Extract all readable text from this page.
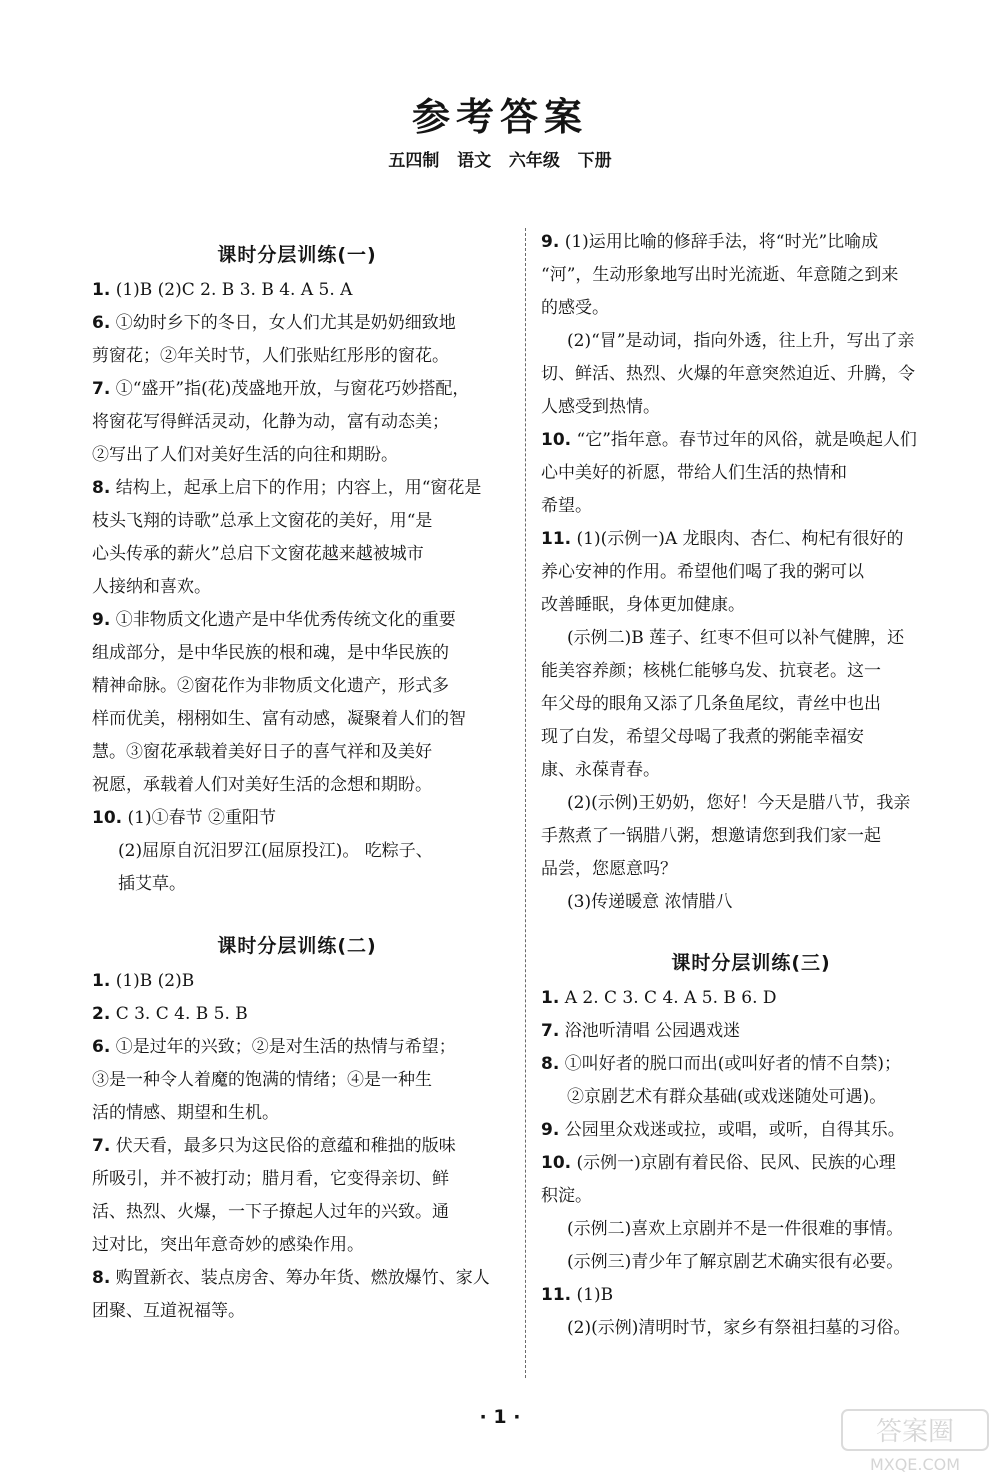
参考答案
五四制   语文   六年级   下册
课时分层训练(一)
1. (1)B (2)C 2. B 3. B 4. A 5. A
6. ①幼时乡下的冬日，女人们尤其是奶奶细致地
剪窗花；②年关时节，人们张贴红彤彤的窗花。
7. ①“盛开”指(花)茂盛地开放，与窗花巧妙搭配，
将窗花写得鲜活灵动，化静为动，富有动态美；
②写出了人们对美好生活的向往和期盼。
8. 结构上，起承上启下的作用；内容上，用“窗花是
枝头飞翔的诗歌”总承上文窗花的美好，用“是
心头传承的薪火”总启下文窗花越来越被城市
人接纳和喜欢。
9. ①非物质文化遗产是中华优秀传统文化的重要
组成部分，是中华民族的根和魂，是中华民族的
精神命脉。②窗花作为非物质文化遗产，形式多
样而优美，栩栩如生、富有动感，凝聚着人们的智
慧。③窗花承载着美好日子的喜气祥和及美好
祝愿，承载着人们对美好生活的念想和期盼。
10. (1)①春节 ②重阳节
(2)屈原自沉汨罗江(屈原投江)。 吃粽子、
插艾草。
课时分层训练(二)
1. (1)B (2)B
2. C 3. C 4. B 5. B
6. ①是过年的兴致；②是对生活的热情与希望；
③是一种令人着魔的饱满的情绪；④是一种生
活的情感、期望和生机。
7. 伏天看，最多只为这民俗的意蕴和稚拙的版味
所吸引，并不被打动；腊月看，它变得亲切、鲜
活、热烈、火爆，一下子撩起人过年的兴致。通
过对比，突出年意奇妙的感染作用。
8. 购置新衣、装点房舍、筹办年货、燃放爆竹、家人
团聚、互道祝福等。
9. (1)运用比喻的修辞手法，将“时光”比喻成
“河”，生动形象地写出时光流逝、年意随之到来
的感受。
(2)“冒”是动词，指向外透，往上升，写出了亲
切、鲜活、热烈、火爆的年意突然迫近、升腾，令
人感受到热情。
10. “它”指年意。春节过年的风俗，就是唤起人们
心中美好的祈愿，带给人们生活的热情和
希望。
11. (1)(示例一)A 龙眼肉、杏仁、枸杞有很好的
养心安神的作用。希望他们喝了我的粥可以
改善睡眠，身体更加健康。
(示例二)B 莲子、红枣不但可以补气健脾，还
能美容养颜；核桃仁能够乌发、抗衰老。这一
年父母的眼角又添了几条鱼尾纹，青丝中也出
现了白发，希望父母喝了我煮的粥能幸福安
康、永葆青春。
(2)(示例)王奶奶，您好！今天是腊八节，我亲
手熬煮了一锅腊八粥，想邀请您到我们家一起
品尝，您愿意吗？
(3)传递暖意 浓情腊八
课时分层训练(三)
1. A 2. C 3. C 4. A 5. B 6. D
7. 浴池听清唱 公园遇戏迷
8. ①叫好者的脱口而出(或叫好者的情不自禁)；
②京剧艺术有群众基础(或戏迷随处可遇)。
9. 公园里众戏迷或拉，或唱，或听，自得其乐。
10. (示例一)京剧有着民俗、民风、民族的心理
积淀。
(示例二)喜欢上京剧并不是一件很难的事情。
(示例三)青少年了解京剧艺术确实很有必要。
11. (1)B
(2)(示例)清明时节，家乡有祭祖扫墓的习俗。
· 1 ·	答案圈
MXQE.COM
